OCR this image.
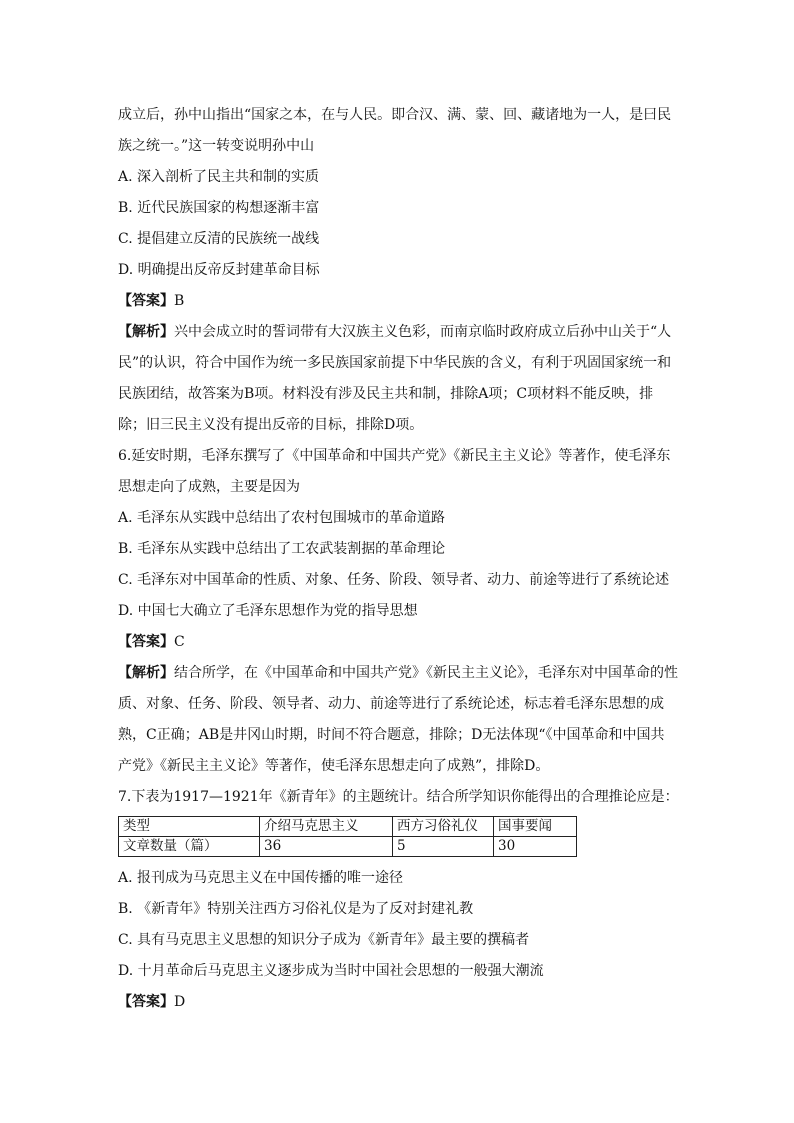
成立后，孙中山指出“国家之本，在与人民。即合汉、满、蒙、回、藏诸地为一人，是曰民
族之统一。”这一转变说明孙中山
A. 深入剖析了民主共和制的实质
B. 近代民族国家的构想逐渐丰富
C. 提倡建立反清的民族统一战线
D. 明确提出反帝反封建革命目标
【答案】B
【解析】兴中会成立时的誓词带有大汉族主义色彩，而南京临时政府成立后孙中山关于“人民”的认识，符合中国作为统一多民族国家前提下中华民族的含义，有利于巩固国家统一和民族团结，故答案为B项。材料没有涉及民主共和制，排除A项；C项材料不能反映，排除；旧三民主义没有提出反帝的目标，排除D项。
6.延安时期，毛泽东撰写了《中国革命和中国共产党》《新民主主义论》等著作，使毛泽东
思想走向了成熟，主要是因为
A. 毛泽东从实践中总结出了农村包围城市的革命道路
B. 毛泽东从实践中总结出了工农武装割据的革命理论
C. 毛泽东对中国革命的性质、对象、任务、阶段、领导者、动力、前途等进行了系统论述
D. 中国七大确立了毛泽东思想作为党的指导思想
【答案】C
【解析】结合所学，在《中国革命和中国共产党》《新民主主义论》，毛泽东对中国革命的性质、对象、任务、阶段、领导者、动力、前途等进行了系统论述，标志着毛泽东思想的成熟，C正确；AB是井冈山时期，时间不符合题意，排除；D无法体现“《中国革命和中国共产党》《新民主主义论》等著作，使毛泽东思想走向了成熟”，排除D。
7.下表为1917—1921年《新青年》的主题统计。结合所学知识你能得出的合理推论应是：
类型	介绍马克思主义	西方习俗礼仪	国事要闻
文章数量（篇）	36	5	30
A. 报刊成为马克思主义在中国传播的唯一途径
B. 《新青年》特别关注西方习俗礼仪是为了反对封建礼教
C. 具有马克思主义思想的知识分子成为《新青年》最主要的撰稿者
D. 十月革命后马克思主义逐步成为当时中国社会思想的一般强大潮流
【答案】D
